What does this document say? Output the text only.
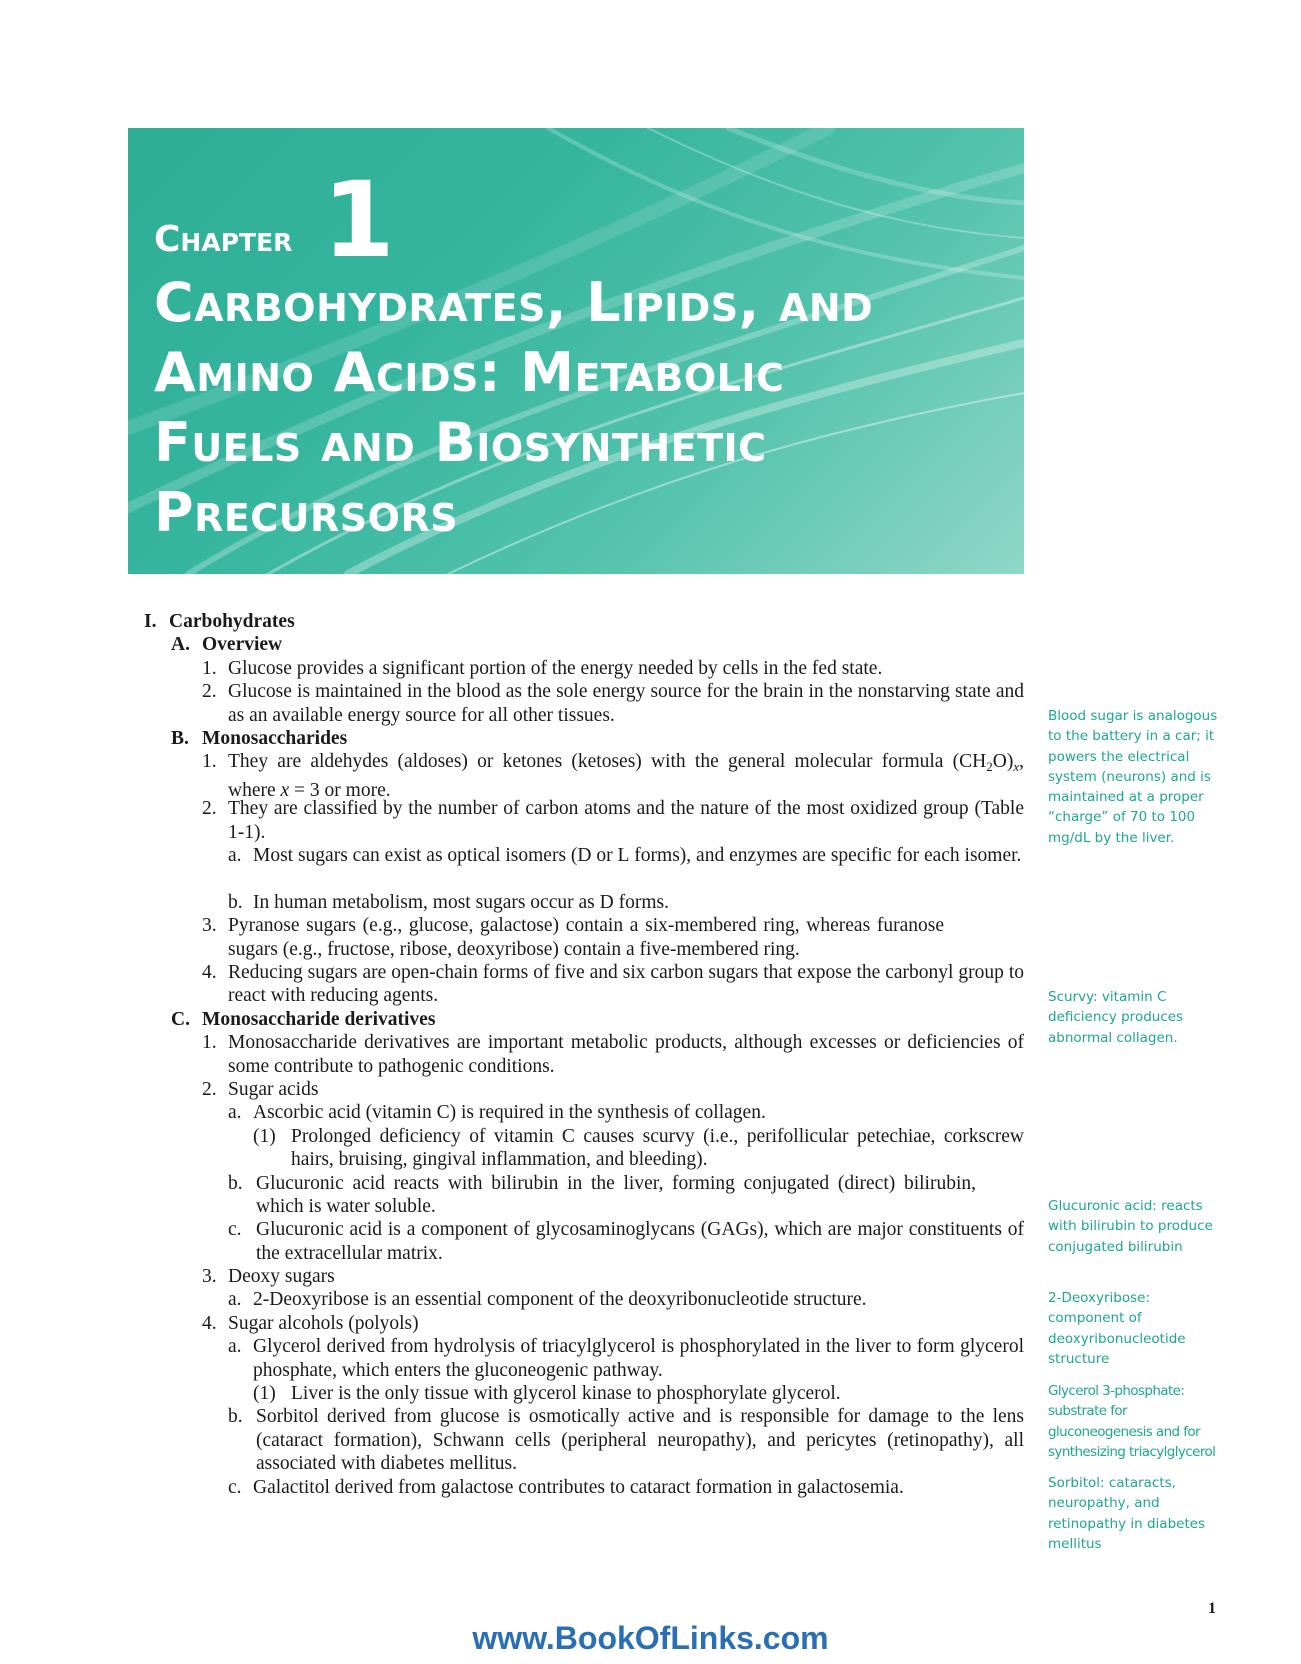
Chapter 1
Carbohydrates, Lipids, and Amino Acids: Metabolic Fuels and Biosynthetic Precursors
I. Carbohydrates
A. Overview
1. Glucose provides a significant portion of the energy needed by cells in the fed state.
2. Glucose is maintained in the blood as the sole energy source for the brain in the nonstarving state and as an available energy source for all other tissues.
B. Monosaccharides
1. They are aldehydes (aldoses) or ketones (ketoses) with the general molecular formula $(CH_2O)_x$, where x = 3 or more.
2. They are classified by the number of carbon atoms and the nature of the most oxidized group (Table 1-1).
a. Most sugars can exist as optical isomers (D or L forms), and enzymes are specific for each isomer.
b. In human metabolism, most sugars occur as D forms.
3. Pyranose sugars (e.g., glucose, galactose) contain a six-membered ring, whereas furanose sugars (e.g., fructose, ribose, deoxyribose) contain a five-membered ring.
4. Reducing sugars are open-chain forms of five and six carbon sugars that expose the carbonyl group to react with reducing agents.
C. Monosaccharide derivatives
1. Monosaccharide derivatives are important metabolic products, although excesses or deficiencies of some contribute to pathogenic conditions.
2. Sugar acids
a. Ascorbic acid (vitamin C) is required in the synthesis of collagen.
(1) Prolonged deficiency of vitamin C causes scurvy (i.e., perifollicular petechiae, corkscrew hairs, bruising, gingival inflammation, and bleeding).
b. Glucuronic acid reacts with bilirubin in the liver, forming conjugated (direct) bilirubin, which is water soluble.
c. Glucuronic acid is a component of glycosaminoglycans (GAGs), which are major constituents of the extracellular matrix.
3. Deoxy sugars
a. 2-Deoxyribose is an essential component of the deoxyribonucleotide structure.
4. Sugar alcohols (polyols)
a. Glycerol derived from hydrolysis of triacylglycerol is phosphorylated in the liver to form glycerol phosphate, which enters the gluconeogenic pathway.
(1) Liver is the only tissue with glycerol kinase to phosphorylate glycerol.
b. Sorbitol derived from glucose is osmotically active and is responsible for damage to the lens (cataract formation), Schwann cells (peripheral neuropathy), and pericytes (retinopathy), all associated with diabetes mellitus.
c. Galactitol derived from galactose contributes to cataract formation in galactosemia.
Blood sugar is analogous to the battery in a car; it powers the electrical system (neurons) and is maintained at a proper “charge” of 70 to 100 mg/dL by the liver.
Scurvy: vitamin C deficiency produces abnormal collagen.
Glucuronic acid: reacts with bilirubin to produce conjugated bilirubin
2-Deoxyribose: component of deoxyribonucleotide structure
Glycerol 3-phosphate: substrate for gluconeogenesis and for synthesizing triacylglycerol
Sorbitol: cataracts, neuropathy, and retinopathy in diabetes mellitus
1
www.BookOfLinks.com
